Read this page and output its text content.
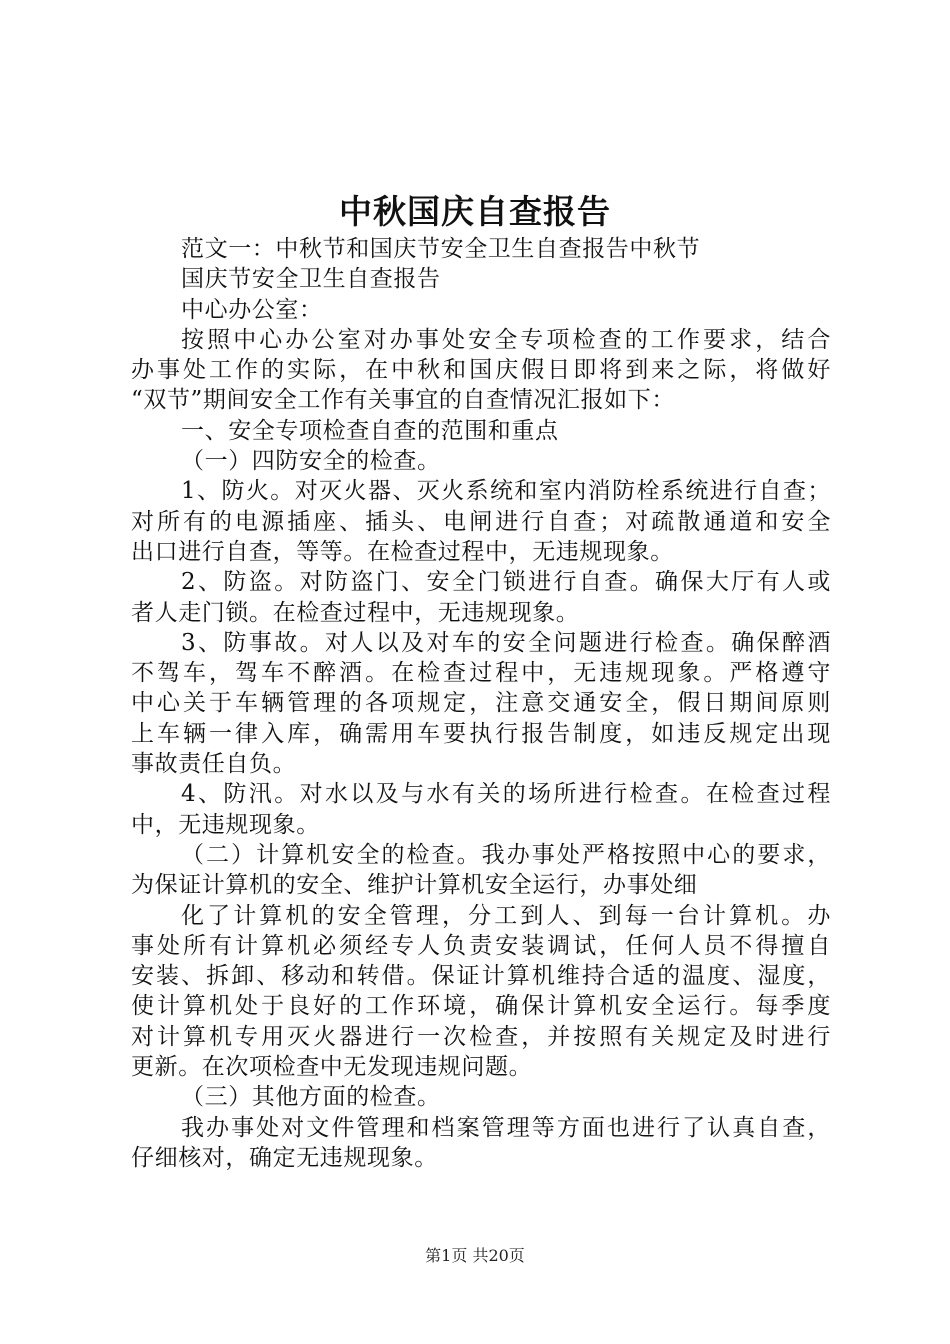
中秋国庆自查报告
范文一：中秋节和国庆节安全卫生自查报告中秋节
国庆节安全卫生自查报告
中心办公室：
按照中心办公室对办事处安全专项检查的工作要求，结合
办事处工作的实际，在中秋和国庆假日即将到来之际，将做好
“双节”期间安全工作有关事宜的自查情况汇报如下：
一、安全专项检查自查的范围和重点
（一）四防安全的检查。
1、防火。对灭火器、灭火系统和室内消防栓系统进行自查；
对所有的电源插座、插头、电闸进行自查；对疏散通道和安全
出口进行自查，等等。在检查过程中，无违规现象。
2、防盗。对防盗门、安全门锁进行自查。确保大厅有人或
者人走门锁。在检查过程中，无违规现象。
3、防事故。对人以及对车的安全问题进行检查。确保醉酒
不驾车，驾车不醉酒。在检查过程中，无违规现象。严格遵守
中心关于车辆管理的各项规定，注意交通安全，假日期间原则
上车辆一律入库，确需用车要执行报告制度，如违反规定出现
事故责任自负。
4、防汛。对水以及与水有关的场所进行检查。在检查过程
中，无违规现象。
（二）计算机安全的检查。我办事处严格按照中心的要求，
为保证计算机的安全、维护计算机安全运行，办事处细
化了计算机的安全管理，分工到人、到每一台计算机。办
事处所有计算机必须经专人负责安装调试，任何人员不得擅自
安装、拆卸、移动和转借。保证计算机维持合适的温度、湿度，
使计算机处于良好的工作环境，确保计算机安全运行。每季度
对计算机专用灭火器进行一次检查，并按照有关规定及时进行
更新。在次项检查中无发现违规问题。
（三）其他方面的检查。
我办事处对文件管理和档案管理等方面也进行了认真自查，
仔细核对，确定无违规现象。
第1页 共20页
